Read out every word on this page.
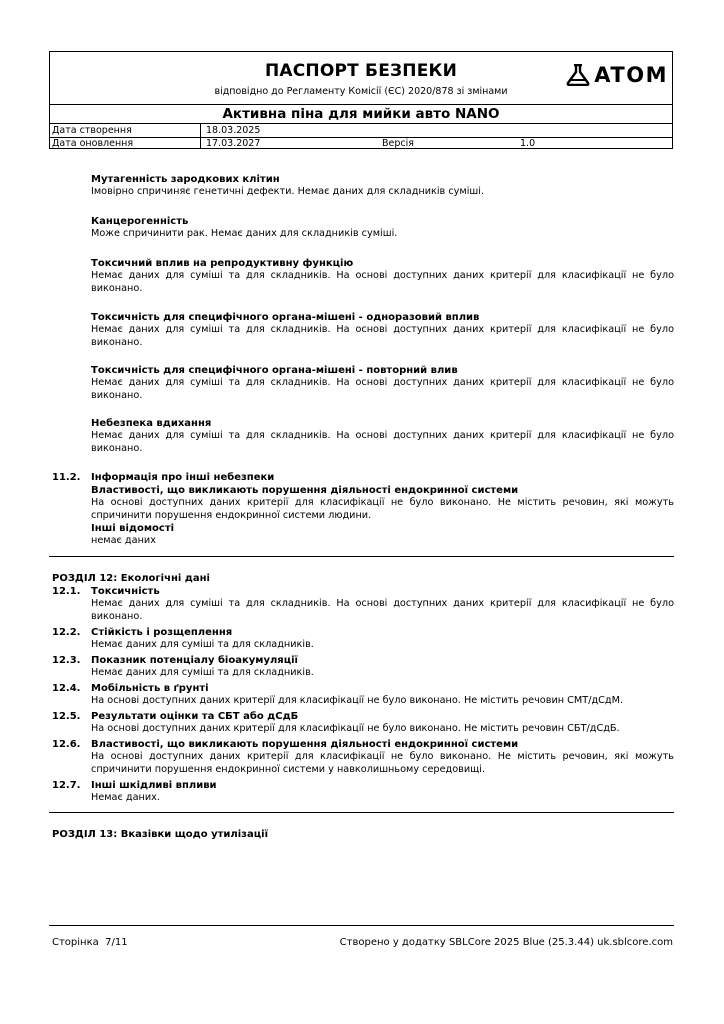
ПАСПОРТ БЕЗПЕКИ
відповідно до Регламенту Комісії (ЄС) 2020/878 зі змінами
ATOM
Активна піна для мийки авто NANO
Дата створення	18.03.2025
Дата оновлення	17.03.2027	Версія	1.0
Мутагенність зародкових клітин
Імовірно спричиняє генетичні дефекти. Немає даних для складників суміші.
Канцерогенність
Може спричинити рак. Немає даних для складників суміші.
Токсичний вплив на репродуктивну функцію
Немає даних для суміші та для складників. На основі доступних даних критерії для класифікації не було виконано.
Токсичність для специфічного органа-мішені - одноразовий вплив
Немає даних для суміші та для складників. На основі доступних даних критерії для класифікації не було виконано.
Токсичність для специфічного органа-мішені - повторний влив
Немає даних для суміші та для складників. На основі доступних даних критерії для класифікації не було виконано.
Небезпека вдихання
Немає даних для суміші та для складників. На основі доступних даних критерії для класифікації не було виконано.
11.2. Інформація про інші небезпеки
Властивості, що викликають порушення діяльності ендокринної системи
На основі доступних даних критерії для класифікації не було виконано. Не містить речовин, які можуть спричинити порушення ендокринної системи людини.
Інші відомості
немає даних
РОЗДІЛ 12: Екологічні дані
12.1. Токсичність
Немає даних для суміші та для складників. На основі доступних даних критерії для класифікації не було виконано.
12.2. Стійкість і розщеплення
Немає даних для суміші та для складників.
12.3. Показник потенціалу біоакумуляції
Немає даних для суміші та для складників.
12.4. Мобільність в ґрунті
На основі доступних даних критерії для класифікації не було виконано. Не містить речовин СМТ/дСдМ.
12.5. Результати оцінки та СБТ або дСдБ
На основі доступних даних критерії для класифікації не було виконано. Не містить речовин СБТ/дСдБ.
12.6. Властивості, що викликають порушення діяльності ендокринної системи
На основі доступних даних критерії для класифікації не було виконано. Не містить речовин, які можуть спричинити порушення ендокринної системи у навколишньому середовищі.
12.7. Інші шкідливі впливи
Немає даних.
РОЗДІЛ 13: Вказівки щодо утилізації
Сторінка 7/11	Створено у додатку SBLCore 2025 Blue (25.3.44) uk.sblcore.com
